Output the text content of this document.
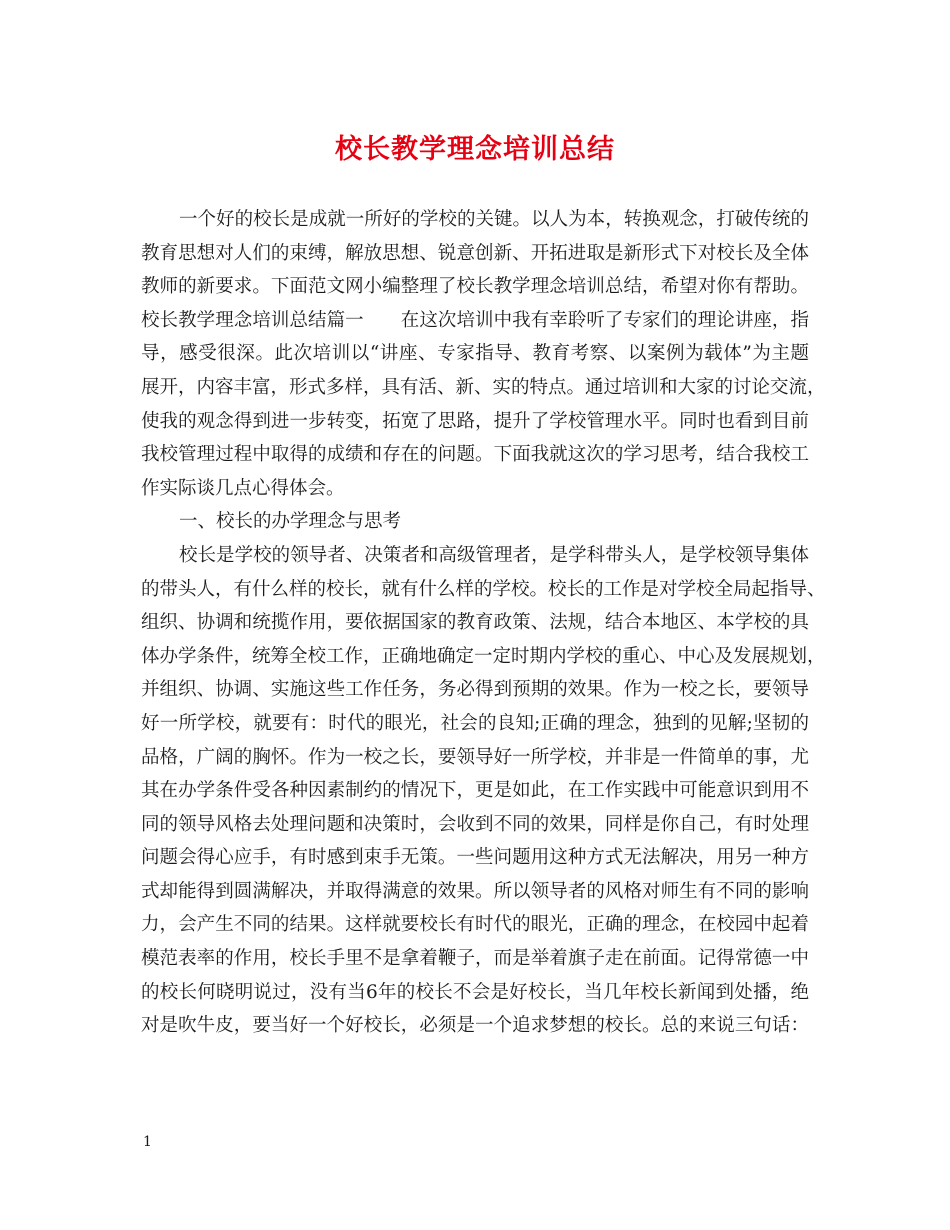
校长教学理念培训总结
一个好的校长是成就一所好的学校的关键。以人为本，转换观念，打破传统的
教育思想对人们的束缚，解放思想、锐意创新、开拓进取是新形式下对校长及全体
教师的新要求。下面范文网小编整理了校长教学理念培训总结，希望对你有帮助。
校长教学理念培训总结篇一　　在这次培训中我有幸聆听了专家们的理论讲座，指
导，感受很深。此次培训以“讲座、专家指导、教育考察、以案例为载体”为主题
展开，内容丰富，形式多样，具有活、新、实的特点。通过培训和大家的讨论交流，
使我的观念得到进一步转变，拓宽了思路，提升了学校管理水平。同时也看到目前
我校管理过程中取得的成绩和存在的问题。下面我就这次的学习思考，结合我校工
作实际谈几点心得体会。
一、校长的办学理念与思考
校长是学校的领导者、决策者和高级管理者，是学科带头人，是学校领导集体
的带头人，有什么样的校长，就有什么样的学校。校长的工作是对学校全局起指导、
组织、协调和统揽作用，要依据国家的教育政策、法规，结合本地区、本学校的具
体办学条件，统筹全校工作，正确地确定一定时期内学校的重心、中心及发展规划，
并组织、协调、实施这些工作任务，务必得到预期的效果。作为一校之长，要领导
好一所学校，就要有：时代的眼光，社会的良知;正确的理念，独到的见解;坚韧的
品格，广阔的胸怀。作为一校之长，要领导好一所学校，并非是一件简单的事，尤
其在办学条件受各种因素制约的情况下，更是如此，在工作实践中可能意识到用不
同的领导风格去处理问题和决策时，会收到不同的效果，同样是你自己，有时处理
问题会得心应手，有时感到束手无策。一些问题用这种方式无法解决，用另一种方
式却能得到圆满解决，并取得满意的效果。所以领导者的风格对师生有不同的影响
力，会产生不同的结果。这样就要校长有时代的眼光，正确的理念，在校园中起着
模范表率的作用，校长手里不是拿着鞭子，而是举着旗子走在前面。记得常德一中
的校长何晓明说过，没有当6年的校长不会是好校长，当几年校长新闻到处播，绝
对是吹牛皮，要当好一个好校长，必须是一个追求梦想的校长。总的来说三句话：
1
